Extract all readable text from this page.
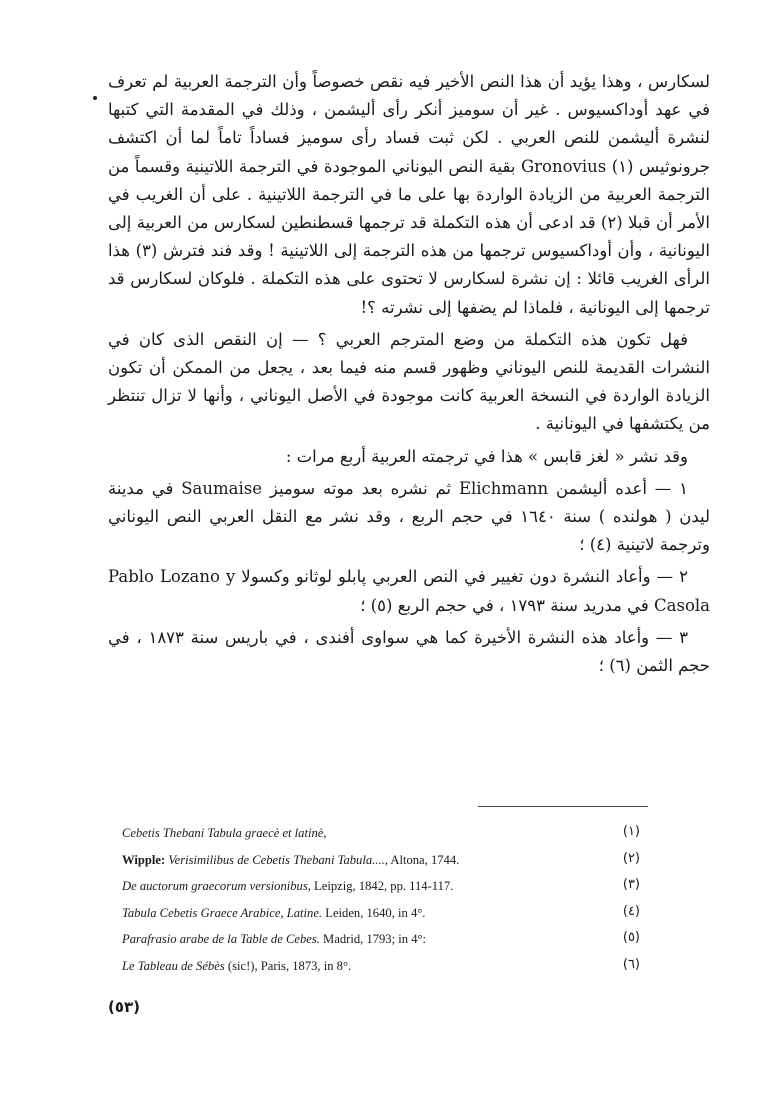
لسكارس ، وهذا يؤيد أن هذا النص الأخير فيه نقص خصوصاً وأن الترجمة العربية لم تعرف في عهد أوداكسيوس . غير أن سوميز أنكر رأى أليشمن ، وذلك في المقدمة التي كتبها لنشرة أليشمن للنص العربي . لكن ثبت فساد رأى سوميز فساداً تاماً لما أن اكتشف جرونوثيس (١) Gronovius بقية النص اليوناني الموجودة في الترجمة اللاتينية وقسماً من الترجمة العربية من الزيادة الواردة بها على ما في الترجمة اللاتينية . على أن الغريب في الأمر أن قبلا (٢) قد ادعى أن هذه التكملة قد ترجمها قسطنطين لسكارس من العربية إلى اليونانية ، وأن أوداكسيوس ترجمها من هذه الترجمة إلى اللاتينية ! وقد فند فترش (٣) هذا الرأى الغريب قائلا : إن نشرة لسكارس لا تحتوى على هذه التكملة . فلوكان لسكارس قد ترجمها إلى اليونانية ، فلماذا لم يضفها إلى نشرته ؟!

فهل تكون هذه التكملة من وضع المترجم العربي ؟ — إن النقص الذى كان في النشرات القديمة للنص اليوناني وظهور قسم منه فيما بعد ، يجعل من الممكن أن تكون الزيادة الواردة في النسخة العربية كانت موجودة في الأصل اليوناني ، وأنها لا تزال تنتظر من يكتشفها في اليونانية .

وقد نشر « لغز قابس » هذا في ترجمته العربية أربع مرات :

١ — أعده أليشمن Elichmann ثم نشره بعد موته سوميز Saumaise في مدينة ليدن ( هولنده ) سنة ١٦٤٠ في حجم الربع ، وقد نشر مع النقل العربي النص اليوناني وترجمة لاتينية (٤) ؛

٢ — وأعاد النشرة دون تغيير في النص العربي پابلو لوثانو وكسولا Pablo Lozano y Casola في مدريد سنة ١٧٩٣ ، في حجم الربع (٥) ؛

٣ — وأعاد هذه النشرة الأخيرة كما هي سواوى أفندى ، في باريس سنة ١٨٧٣ ، في حجم الثمن (٦) ؛

Cebetis Thebani Tabula graecè et latinè,	(١)
Wipple: Verisimilibus de Cebetis Thebani Tabula...., Altona, 1744.	(٢)
De auctorum graecorum versionibus, Leipzig, 1842, pp. 114-117.	(٣)
Tabula Cebetis Graece Arabice, Latine. Leiden, 1640, in 4°.	(٤)
Parafrasio arabe de la Table de Cebes. Madrid, 1793; in 4°:	(٥)
Le Tableau de Sébès (sic!), Paris, 1873, in 8°.	(٦)
(٥٣)
